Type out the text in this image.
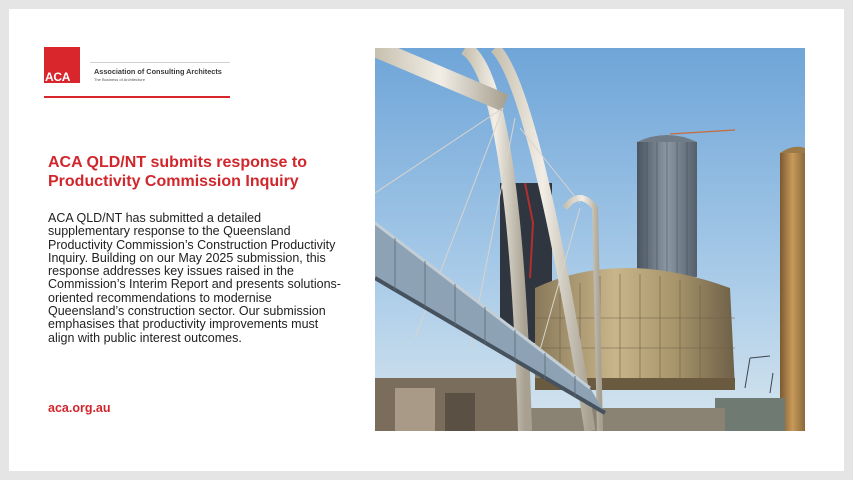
ACA	Association of Consulting Architects
The Business of Architecture
ACA QLD/NT submits response to Productivity Commission Inquiry

ACA QLD/NT has submitted a detailed supplementary response to the Queensland Productivity Commission’s Construction Productivity Inquiry. Building on our May 2025 submission, this response addresses key issues raised in the Commission’s Interim Report and presents solutions-oriented recommendations to modernise Queensland’s construction sector. Our submission emphasises that productivity improvements must align with public interest outcomes.

aca.org.au
